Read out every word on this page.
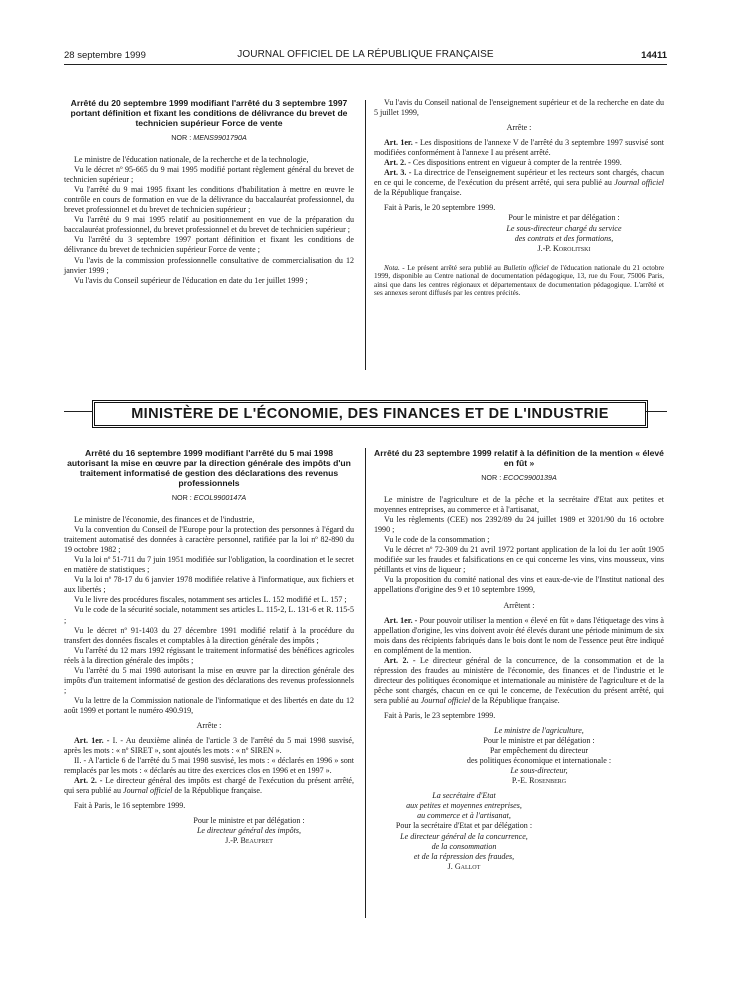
28 septembre 1999	JOURNAL OFFICIEL DE LA RÉPUBLIQUE FRANÇAISE	14411

Arrêté du 20 septembre 1999 modifiant l'arrêté du 3 septembre 1997 portant définition et fixant les conditions de délivrance du brevet de technicien supérieur Force de vente

NOR : MENS9901790A

Le ministre de l'éducation nationale, de la recherche et de la technologie,

Vu le décret nº 95-665 du 9 mai 1995 modifié portant règlement général du brevet de technicien supérieur ;

Vu l'arrêté du 9 mai 1995 fixant les conditions d'habilitation à mettre en œuvre le contrôle en cours de formation en vue de la délivrance du baccalauréat professionnel, du brevet professionnel et du brevet de technicien supérieur ;

Vu l'arrêté du 9 mai 1995 relatif au positionnement en vue de la préparation du baccalauréat professionnel, du brevet professionnel et du brevet de technicien supérieur ;

Vu l'arrêté du 3 septembre 1997 portant définition et fixant les conditions de délivrance du brevet de technicien supérieur Force de vente ;

Vu l'avis de la commission professionnelle consultative de commercialisation du 12 janvier 1999 ;

Vu l'avis du Conseil supérieur de l'éducation en date du 1er juillet 1999 ;

Vu l'avis du Conseil national de l'enseignement supérieur et de la recherche en date du 5 juillet 1999,

Arrête :

Art. 1er. - Les dispositions de l'annexe V de l'arrêté du 3 septembre 1997 susvisé sont modifiées conformément à l'annexe I au présent arrêté.

Art. 2. - Ces dispositions entrent en vigueur à compter de la rentrée 1999.

Art. 3. - La directrice de l'enseignement supérieur et les recteurs sont chargés, chacun en ce qui le concerne, de l'exécution du présent arrêté, qui sera publié au Journal officiel de la République française.

Fait à Paris, le 20 septembre 1999.

Pour le ministre et par délégation :

Le sous-directeur chargé du service

des contrats et des formations,

J.-P. Korolitski

Nota. - Le présent arrêté sera publié au Bulletin officiel de l'éducation nationale du 21 octobre 1999, disponible au Centre national de documentation pédagogique, 13, rue du Four, 75006 Paris, ainsi que dans les centres régionaux et départementaux de documentation pédagogique. L'arrêté et ses annexes seront diffusés par les centres précités.

MINISTÈRE DE L'ÉCONOMIE, DES FINANCES ET DE L'INDUSTRIE

Arrêté du 16 septembre 1999 modifiant l'arrêté du 5 mai 1998 autorisant la mise en œuvre par la direction générale des impôts d'un traitement informatisé de gestion des déclarations des revenus professionnels

NOR : ECOL9900147A

Le ministre de l'économie, des finances et de l'industrie,

Vu la convention du Conseil de l'Europe pour la protection des personnes à l'égard du traitement automatisé des données à caractère personnel, ratifiée par la loi nº 82-890 du 19 octobre 1982 ;

Vu la loi nº 51-711 du 7 juin 1951 modifiée sur l'obligation, la coordination et le secret en matière de statistiques ;

Vu la loi nº 78-17 du 6 janvier 1978 modifiée relative à l'informatique, aux fichiers et aux libertés ;

Vu le livre des procédures fiscales, notamment ses articles L. 152 modifié et L. 157 ;

Vu le code de la sécurité sociale, notamment ses articles L. 115-2, L. 131-6 et R. 115-5 ;

Vu le décret nº 91-1403 du 27 décembre 1991 modifié relatif à la procédure du transfert des données fiscales et comptables à la direction générale des impôts ;

Vu l'arrêté du 12 mars 1992 régissant le traitement informatisé des bénéfices agricoles réels à la direction générale des impôts ;

Vu l'arrêté du 5 mai 1998 autorisant la mise en œuvre par la direction générale des impôts d'un traitement informatisé de gestion des déclarations des revenus professionnels ;

Vu la lettre de la Commission nationale de l'informatique et des libertés en date du 12 août 1999 et portant le numéro 490.919,

Arrête :

Art. 1er. - I. - Au deuxième alinéa de l'article 3 de l'arrêté du 5 mai 1998 susvisé, après les mots : « nº SIRET », sont ajoutés les mots : « nº SIREN ».

II. - A l'article 6 de l'arrêté du 5 mai 1998 susvisé, les mots : « déclarés en 1996 » sont remplacés par les mots : « déclarés au titre des exercices clos en 1996 et en 1997 ».

Art. 2. - Le directeur général des impôts est chargé de l'exécution du présent arrêté, qui sera publié au Journal officiel de la République française.

Fait à Paris, le 16 septembre 1999.

Pour le ministre et par délégation :

Le directeur général des impôts,

J.-P. Beaufret

Arrêté du 23 septembre 1999 relatif à la définition de la mention « élevé en fût »

NOR : ECOC9900139A

Le ministre de l'agriculture et de la pêche et la secrétaire d'Etat aux petites et moyennes entreprises, au commerce et à l'artisanat,

Vu les règlements (CEE) nos 2392/89 du 24 juillet 1989 et 3201/90 du 16 octobre 1990 ;

Vu le code de la consommation ;

Vu le décret nº 72-309 du 21 avril 1972 portant application de la loi du 1er août 1905 modifiée sur les fraudes et falsifications en ce qui concerne les vins, vins mousseux, vins pétillants et vins de liqueur ;

Vu la proposition du comité national des vins et eaux-de-vie de l'Institut national des appellations d'origine des 9 et 10 septembre 1999,

Arrêtent :

Art. 1er. - Pour pouvoir utiliser la mention « élevé en fût » dans l'étiquetage des vins à appellation d'origine, les vins doivent avoir été élevés durant une période minimum de six mois dans des récipients fabriqués dans le bois dont le nom de l'essence peut être indiqué en complément de la mention.

Art. 2. - Le directeur général de la concurrence, de la consommation et de la répression des fraudes au ministère de l'économie, des finances et de l'industrie et le directeur des politiques économique et internationale au ministère de l'agriculture et de la pêche sont chargés, chacun en ce qui le concerne, de l'exécution du présent arrêté, qui sera publié au Journal officiel de la République française.

Fait à Paris, le 23 septembre 1999.

Le ministre de l'agriculture,

Pour le ministre et par délégation :

Par empêchement du directeur

des politiques économique et internationale :

Le sous-directeur,

P.-E. Rosenberg

La secrétaire d'Etat

aux petites et moyennes entreprises,

au commerce et à l'artisanat,

Pour la secrétaire d'Etat et par délégation :

Le directeur général de la concurrence,

de la consommation

et de la répression des fraudes,

J. Gallot
